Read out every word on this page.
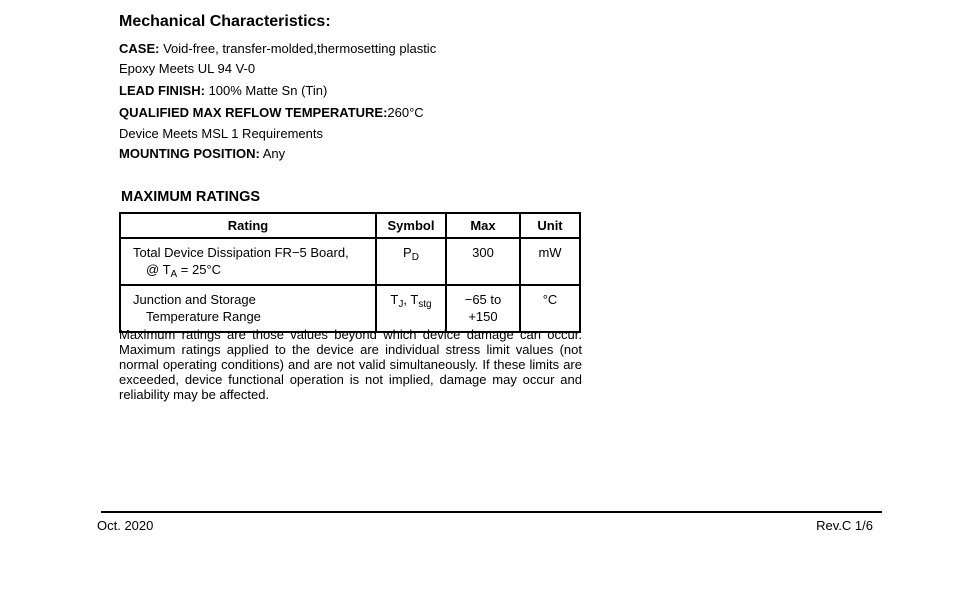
Mechanical Characteristics:
CASE: Void-free, transfer-molded,thermosetting plastic
Epoxy Meets UL 94 V-0
LEAD FINISH: 100% Matte Sn (Tin)
QUALIFIED MAX REFLOW TEMPERATURE:260°C
Device Meets MSL 1 Requirements
MOUNTING POSITION: Any
MAXIMUM RATINGS
Rating	Symbol	Max	Unit
Total Device Dissipation FR−5 Board,
@ $T_A = 25^\circ C$	$P_D$	300	mW
Junction and Storage
Temperature Range	$T_J$, $T_{stg}$	−65 to
+150	°C
Maximum ratings are those values beyond which device damage can occur. Maximum ratings applied to the device are individual stress limit values (not normal operating conditions) and are not valid simultaneously. If these limits are exceeded, device functional operation is not implied, damage may occur and reliability may be affected.
Oct. 2020	Rev.C 1/6
